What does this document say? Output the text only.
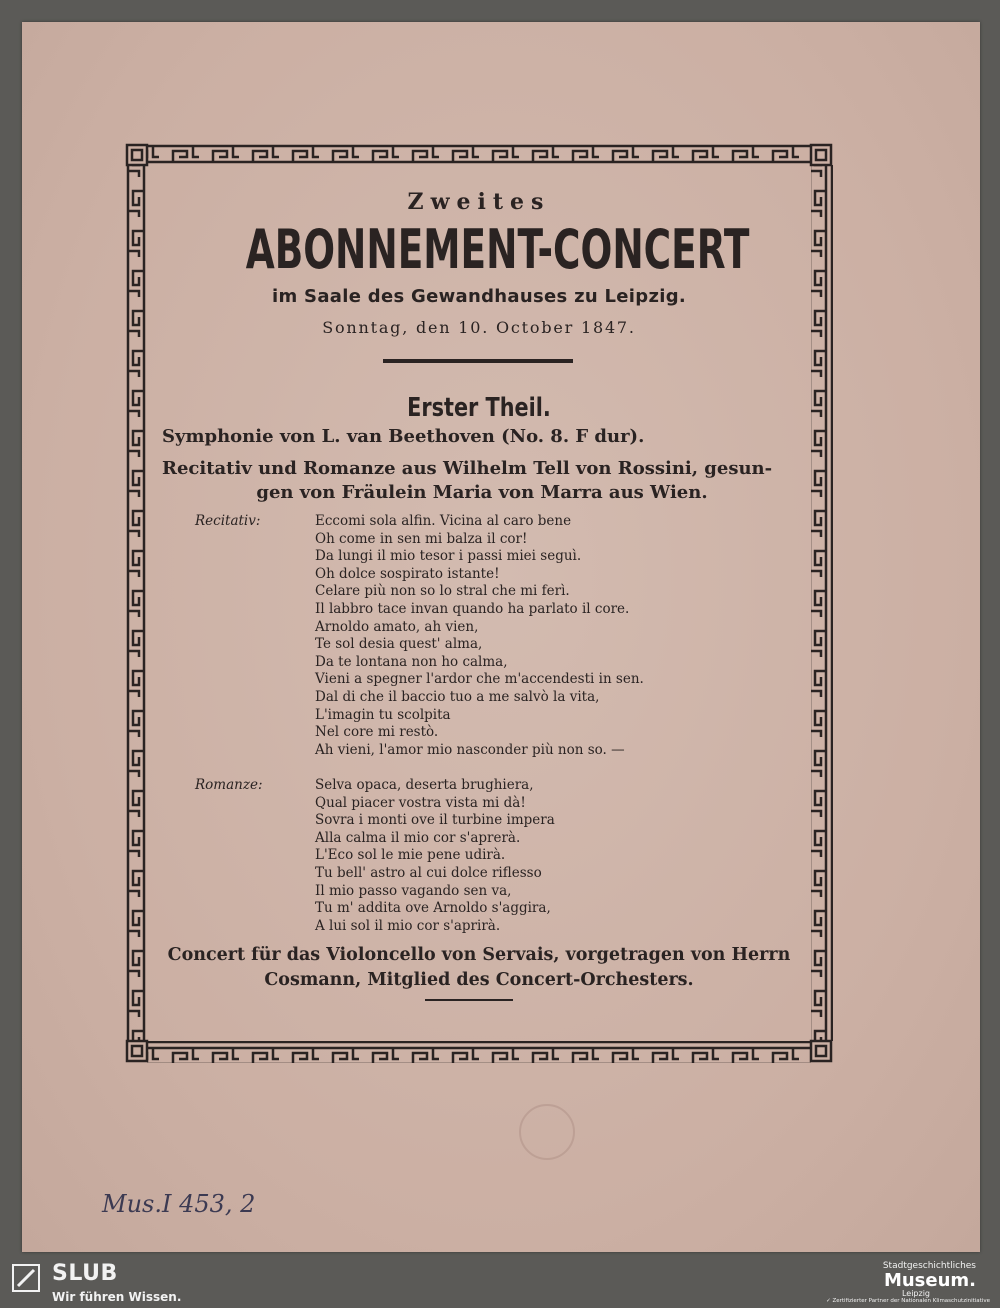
Mus.I 453, 2
Zweites
ABONNEMENT-CONCERT
im Saale des Gewandhauses zu Leipzig.
Sonntag, den 10. October 1847.
Erster Theil.
Symphonie von L. van Beethoven (No. 8. F dur).
Recitativ und Romanze aus Wilhelm Tell von Rossini, gesun-
gen von Fräulein Maria von Marra aus Wien.
Recitativ:	Eccomi sola alfin. Vicina al caro bene
Oh come in sen mi balza il cor!
Da lungi il mio tesor i passi miei seguì.
Oh dolce sospirato istante!
Celare più non so lo stral che mi ferì.
Il labbro tace invan quando ha parlato il core.
Arnoldo amato, ah vien,
Te sol desia quest' alma,
Da te lontana non ho calma,
Vieni a spegner l'ardor che m'accendesti in sen.
Dal di che il baccio tuo a me salvò la vita,
L'imagin tu scolpita
Nel core mi restò.
Ah vieni, l'amor mio nasconder più non so. —
Romanze:	Selva opaca, deserta brughiera,
Qual piacer vostra vista mi dà!
Sovra i monti ove il turbine impera
Alla calma il mio cor s'aprerà.
L'Eco sol le mie pene udirà.
Tu bell' astro al cui dolce riflesso
Il mio passo vagando sen va,
Tu m' addita ove Arnoldo s'aggira,
A lui sol il mio cor s'aprirà.
Concert für das Violoncello von Servais, vorgetragen von Herrn
Cosmann, Mitglied des Concert-Orchesters.
SLUB
Wir führen Wissen.
Stadtgeschichtliches
Museum.
Leipzig
✓ Zertifizierter Partner der Nationalen Klimaschutzinitiative
